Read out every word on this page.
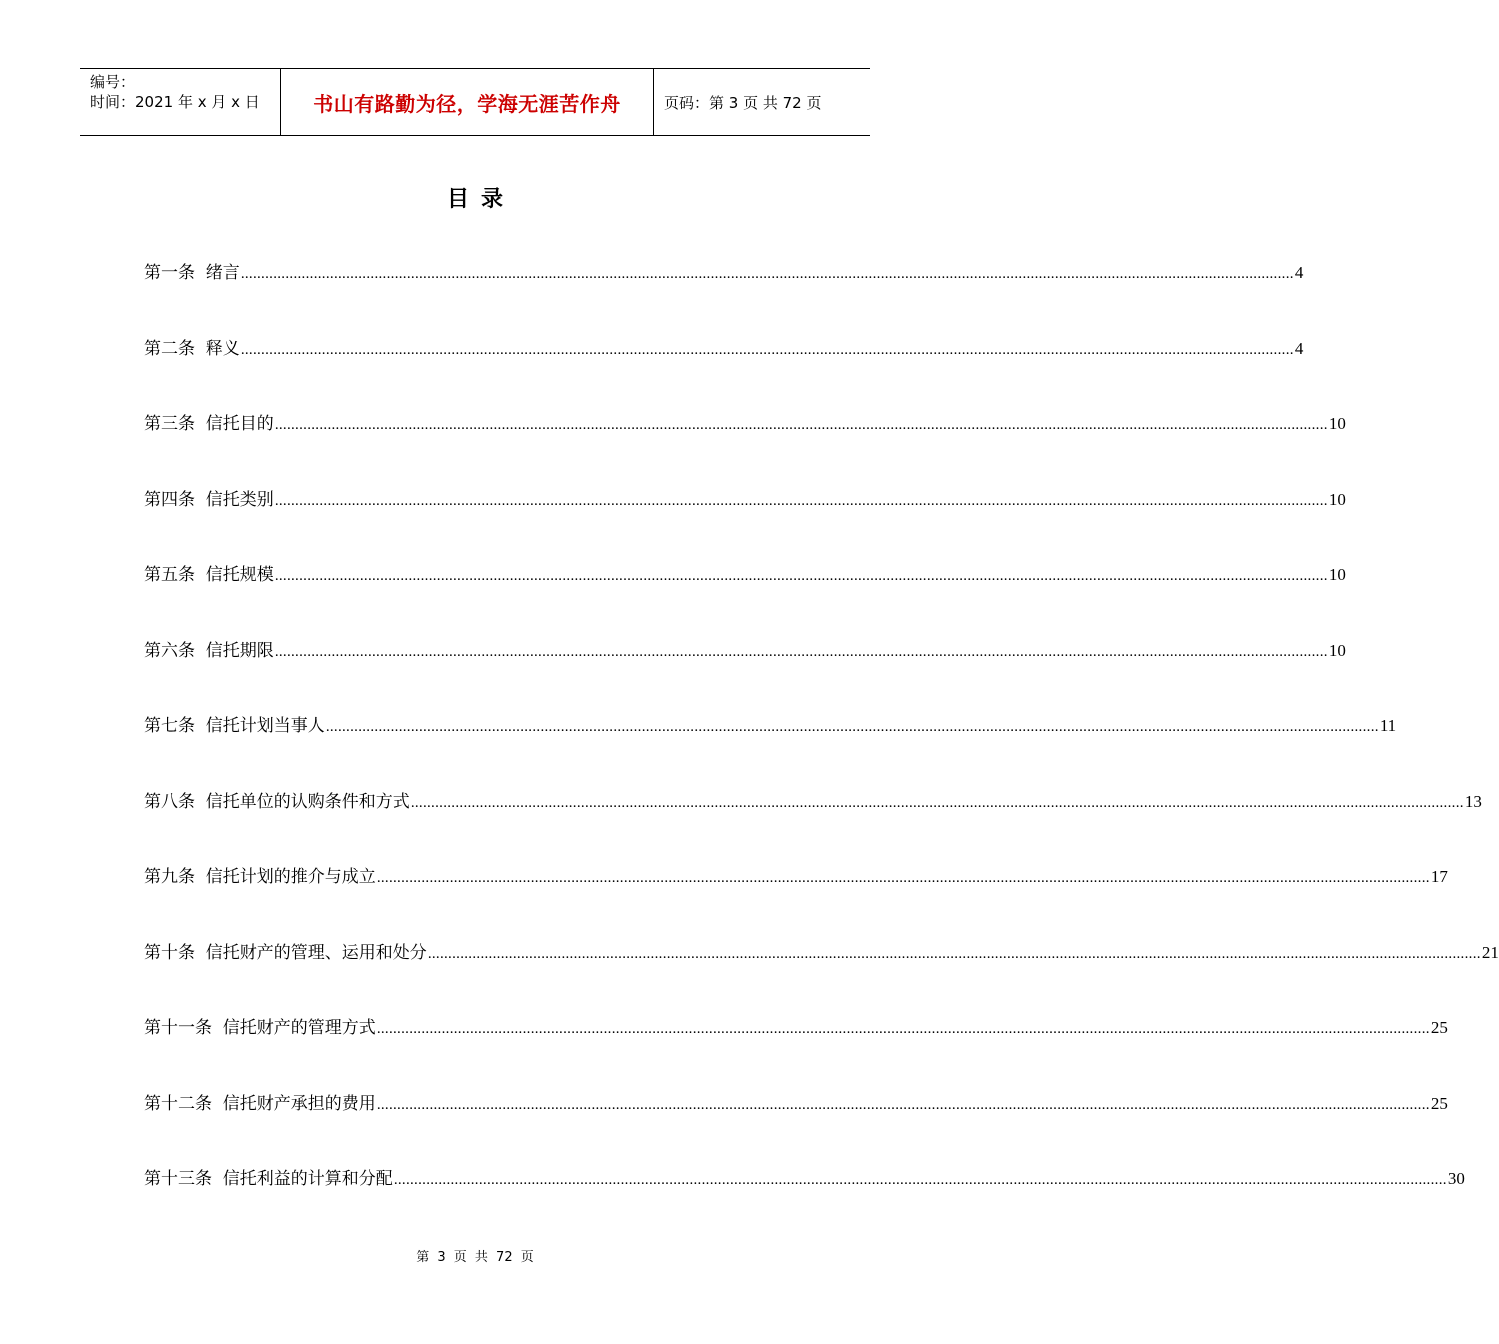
编号：
时间：2021 年 x 月 x 日	书山有路勤为径，学海无涯苦作舟	页码：第 3 页 共 72 页
目录
第一条  绪言 .................................................................................................................................................................................................................................................................... 4
第二条  释义 .................................................................................................................................................................................................................................................................... 4
第三条  信托目的 .................................................................................................................................................................................................................................................................... 10
第四条  信托类别 .................................................................................................................................................................................................................................................................... 10
第五条  信托规模 .................................................................................................................................................................................................................................................................... 10
第六条  信托期限 .................................................................................................................................................................................................................................................................... 10
第七条  信托计划当事人 .................................................................................................................................................................................................................................................................... 11
第八条  信托单位的认购条件和方式 .................................................................................................................................................................................................................................................................... 13
第九条  信托计划的推介与成立 .................................................................................................................................................................................................................................................................... 17
第十条  信托财产的管理、运用和处分 .................................................................................................................................................................................................................................................................... 21
第十一条  信托财产的管理方式 .................................................................................................................................................................................................................................................................... 25
第十二条  信托财产承担的费用 .................................................................................................................................................................................................................................................................... 25
第十三条  信托利益的计算和分配 .................................................................................................................................................................................................................................................................... 30
第 3 页 共 72 页
